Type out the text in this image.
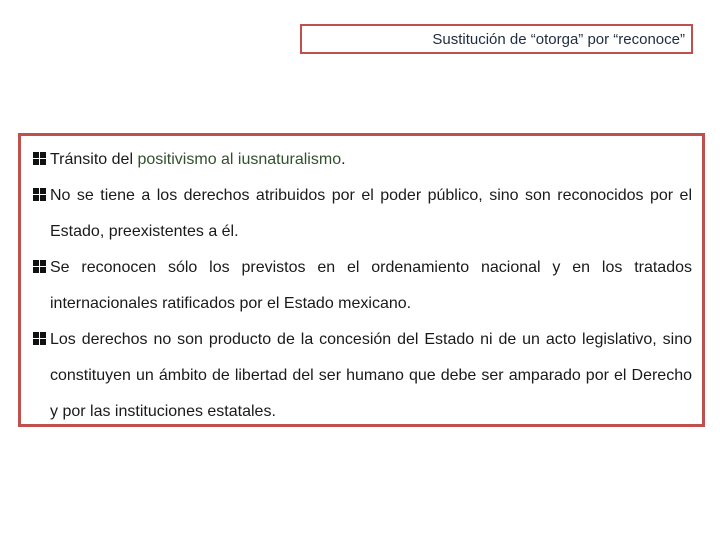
Sustitución de “otorga” por “reconoce”
Tránsito del positivismo al iusnaturalismo.
No se tiene a los derechos atribuidos por el poder público, sino son reconocidos por el Estado, preexistentes a él.
Se reconocen sólo los previstos en el ordenamiento nacional y en los tratados internacionales ratificados por el Estado mexicano.
Los derechos no son producto de la concesión del Estado ni de un acto legislativo, sino constituyen un ámbito de libertad del ser humano que debe ser amparado por el Derecho y por las instituciones estatales.
